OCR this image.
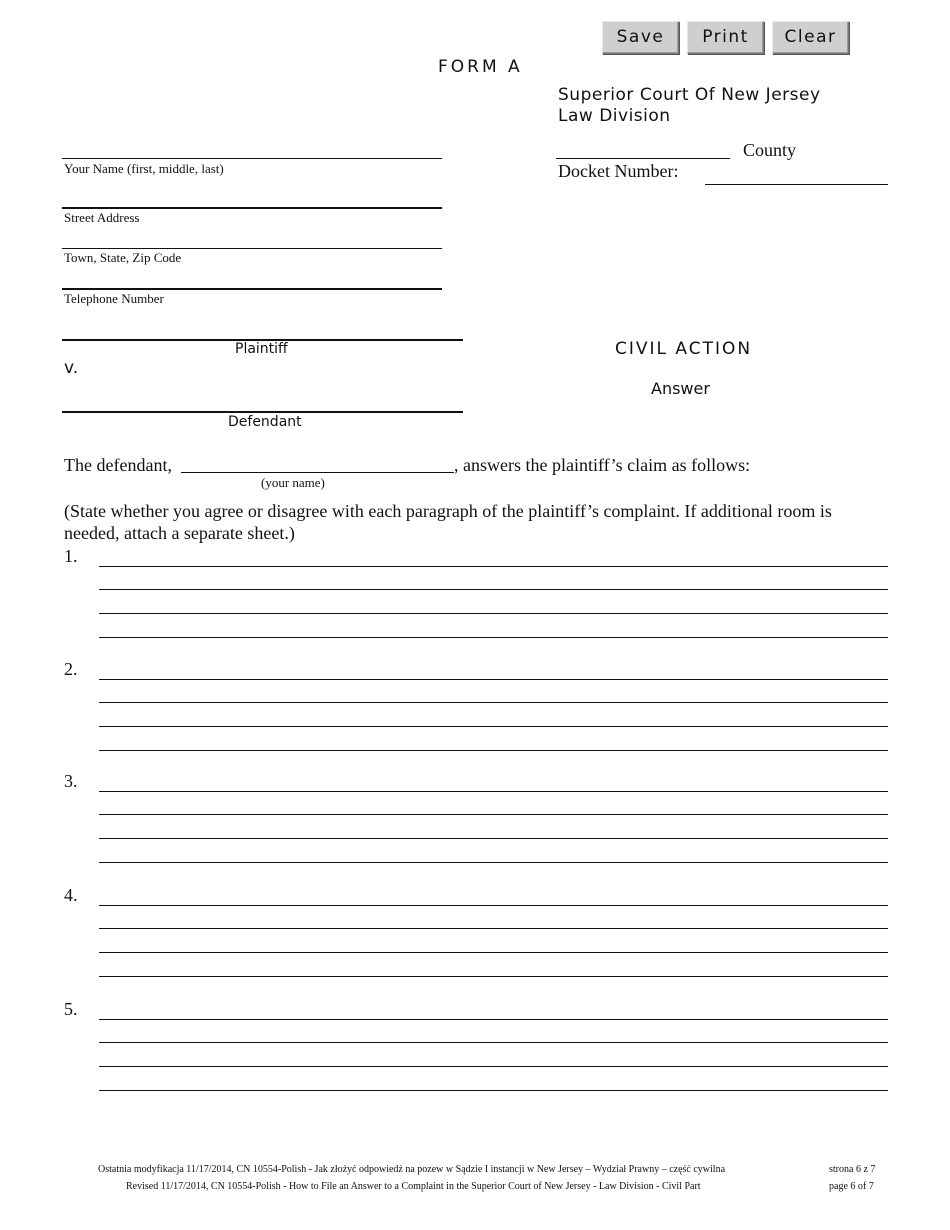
Save	Print	Clear
FORM A
Superior Court Of New Jersey
Law Division
County
Docket Number:
Your Name (first, middle, last)
Street Address
Town, State, Zip Code
Telephone Number
Plaintiff
v.
Defendant
CIVIL ACTION
Answer
The defendant,	, answers the plaintiff’s claim as follows:
(your name)
(State whether you agree or disagree with each paragraph of the plaintiff’s complaint. If additional room is needed, attach a separate sheet.)
1.
2.
3.
4.
5.
Ostatnia modyfikacja 11/17/2014, CN 10554-Polish - Jak złożyć odpowiedź na pozew w Sądzie I instancji w New Jersey – Wydział Prawny – część cywilna
Revised 11/17/2014, CN 10554-Polish - How to File an Answer to a Complaint in the Superior Court of New Jersey - Law Division - Civil Part
strona 6 z 7
page 6 of 7
